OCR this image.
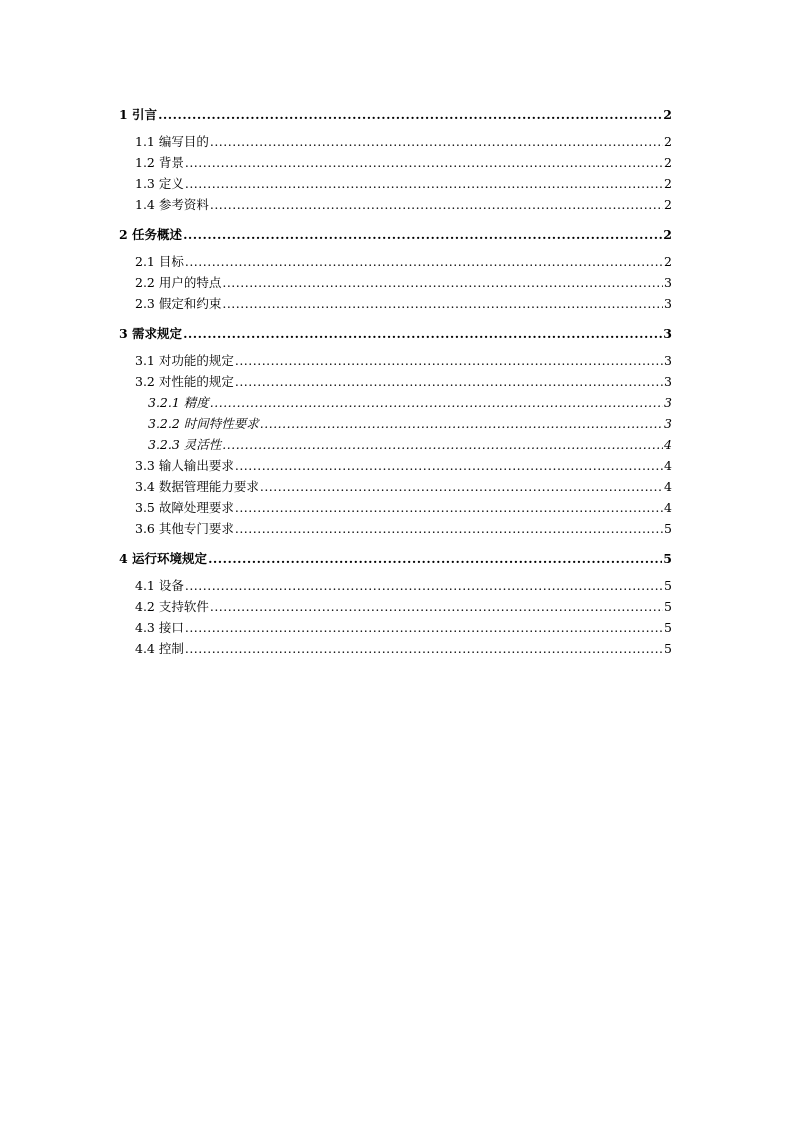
1 引言 .....	2
1.1 编写目的 .....	2
1.2 背景 .....	2
1.3 定义 .....	2
1.4 参考资料 .....	2
2 任务概述 .....	2
2.1 目标 .....	2
2.2 用户的特点 .....	3
2.3 假定和约束 .....	3
3 需求规定 .....	3
3.1 对功能的规定 .....	3
3.2 对性能的规定 .....	3
3.2.1 精度 .....	3
3.2.2 时间特性要求 .....	3
3.2.3 灵活性 .....	4
3.3 输人输出要求 .....	4
3.4 数据管理能力要求 .....	4
3.5 故障处理要求 .....	4
3.6 其他专门要求 .....	5
4 运行环境规定 .....	5
4.1 设备 .....	5
4.2 支持软件 .....	5
4.3 接口 .....	5
4.4 控制 .....	5
